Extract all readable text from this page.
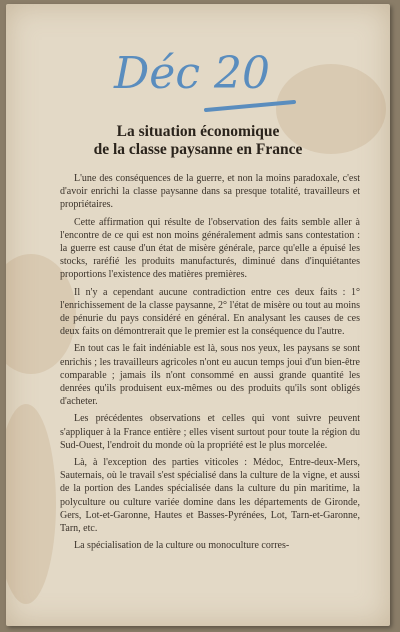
Déc 20
La situation économique
de la classe paysanne en France

L'une des conséquences de la guerre, et non la moins paradoxale, c'est d'avoir enrichi la classe paysanne dans sa presque totalité, travailleurs et propriétaires.

Cette affirmation qui résulte de l'observation des faits semble aller à l'encontre de ce qui est non moins généralement admis sans contestation : la guerre est cause d'un état de misère générale, parce qu'elle a épuisé les stocks, raréfié les produits manufacturés, diminué dans d'inquiétantes proportions l'existence des matières premières.

Il n'y a cependant aucune contradiction entre ces deux faits : 1° l'enrichissement de la classe paysanne, 2° l'état de misère ou tout au moins de pénurie du pays considéré en général. En analysant les causes de ces deux faits on démontrerait que le premier est la conséquence du l'autre.

En tout cas le fait indéniable est là, sous nos yeux, les paysans se sont enrichis ; les travailleurs agricoles n'ont eu aucun temps joui d'un bien-être comparable ; jamais ils n'ont consommé en aussi grande quantité les denrées qu'ils produisent eux-mêmes ou des produits qu'ils sont obligés d'acheter.

Les précédentes observations et celles qui vont suivre peuvent s'appliquer à la France entière ; elles visent surtout pour toute la région du Sud-Ouest, l'endroit du monde où la propriété est le plus morcelée.

Là, à l'exception des parties viticoles : Médoc, Entre-deux-Mers, Sauternais, où le travail s'est spécialisé dans la culture de la vigne, et aussi de la portion des Landes spécialisée dans la culture du pin maritime, la polyculture ou culture variée domine dans les départements de Gironde, Gers, Lot-et-Garonne, Hautes et Basses-Pyrénées, Lot, Tarn-et-Garonne, Tarn, etc.

La spécialisation de la culture ou monoculture corres-
